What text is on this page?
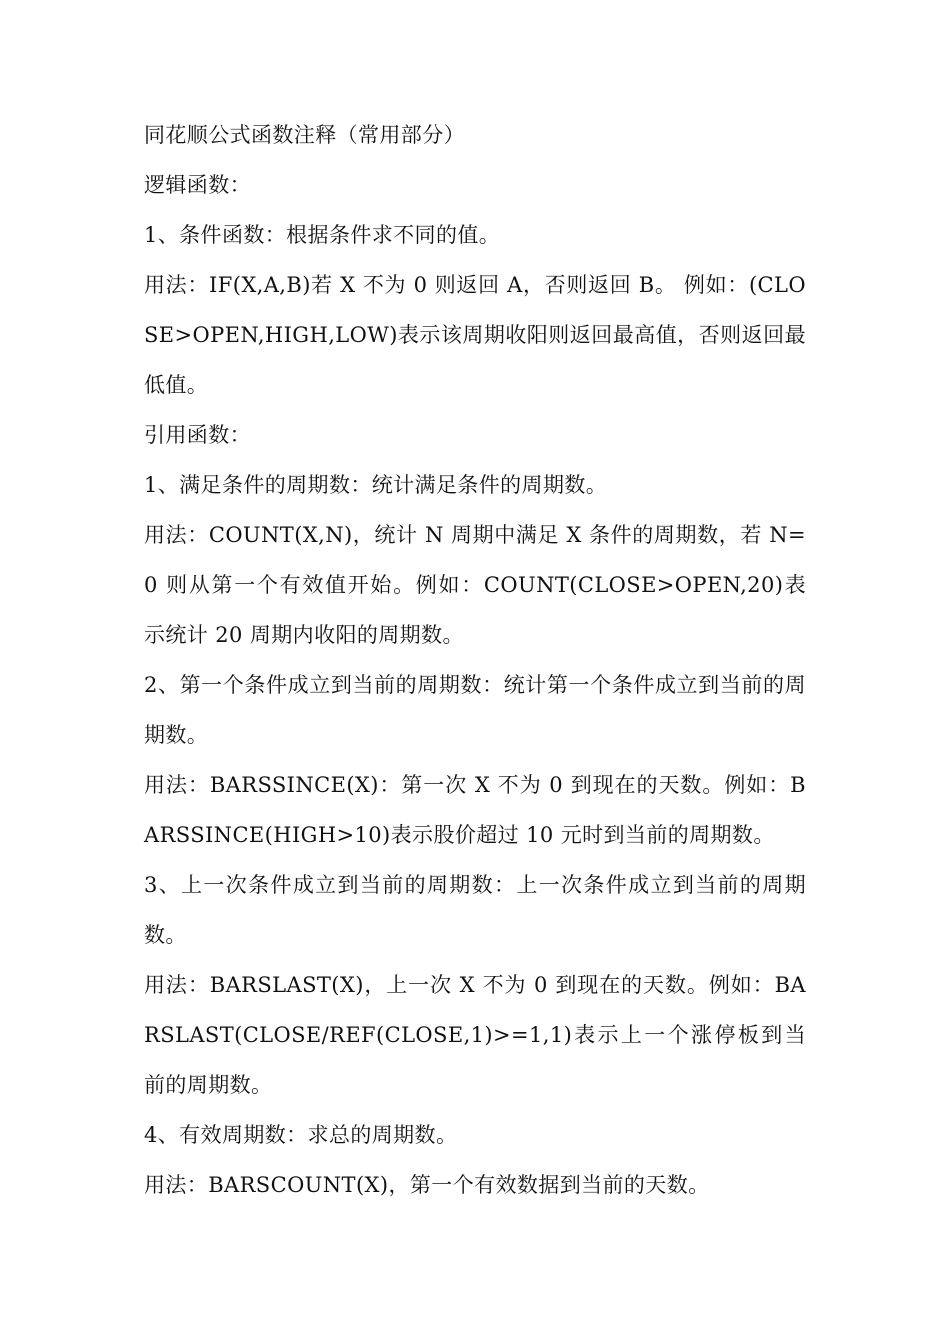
同花顺公式函数注释（常用部分）

逻辑函数：

1、条件函数：根据条件求不同的值。

用法：IF(X,A,B)若 X 不为 0 则返回 A，否则返回 B。 例如：(CLOSE>OPEN,HIGH,LOW)表示该周期收阳则返回最高值，否则返回最低值。

引用函数：

1、满足条件的周期数：统计满足条件的周期数。

用法：COUNT(X,N)，统计 N 周期中满足 X 条件的周期数，若 N=0 则从第一个有效值开始。例如：COUNT(CLOSE>OPEN,20)表示统计 20 周期内收阳的周期数。

2、第一个条件成立到当前的周期数：统计第一个条件成立到当前的周期数。

用法：BARSSINCE(X)：第一次 X 不为 0 到现在的天数。例如：BARSSINCE(HIGH>10)表示股价超过 10 元时到当前的周期数。

3、上一次条件成立到当前的周期数：上一次条件成立到当前的周期数。

用法：BARSLAST(X)，上一次 X 不为 0 到现在的天数。例如：BARSLAST(CLOSE/REF(CLOSE,1)>=1,1)表示上一个涨停板到当前的周期数。

4、有效周期数：求总的周期数。

用法：BARSCOUNT(X)，第一个有效数据到当前的天数。
